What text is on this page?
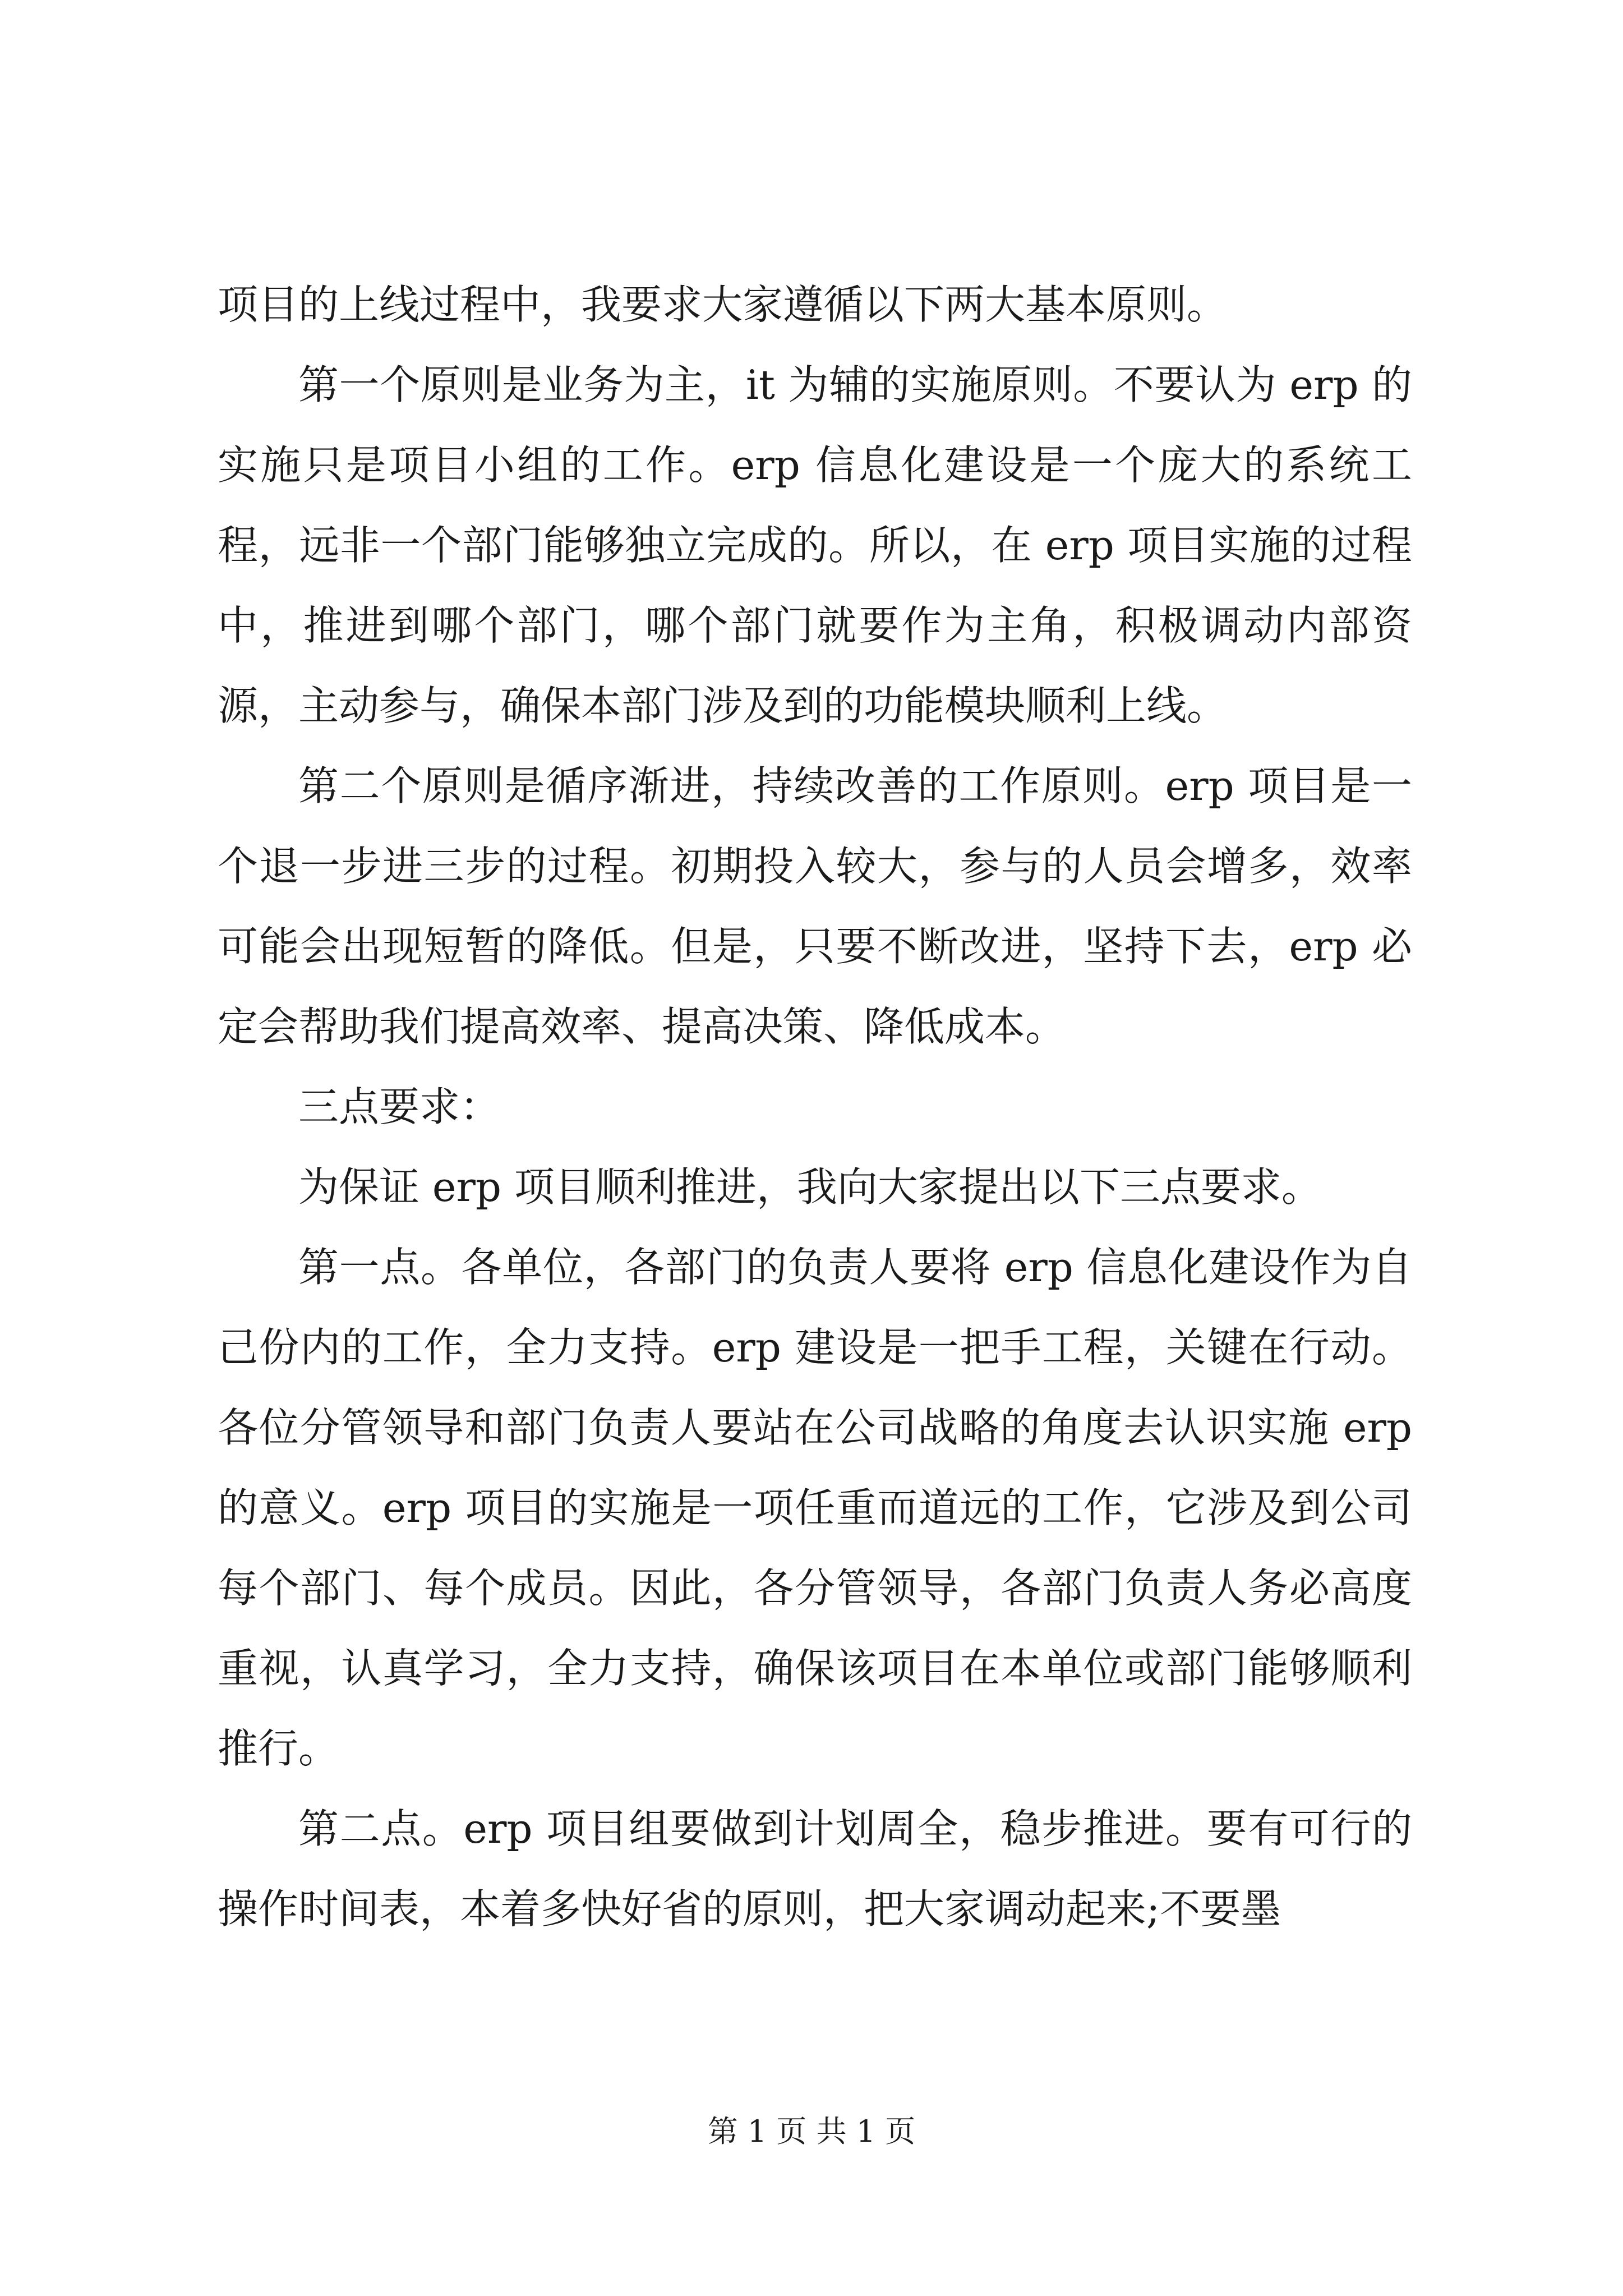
项目的上线过程中，我要求大家遵循以下两大基本原则。

第一个原则是业务为主，it 为辅的实施原则。不要认为 erp 的实施只是项目小组的工作。erp 信息化建设是一个庞大的系统工程，远非一个部门能够独立完成的。所以，在 erp 项目实施的过程中，推进到哪个部门，哪个部门就要作为主角，积极调动内部资源，主动参与，确保本部门涉及到的功能模块顺利上线。

第二个原则是循序渐进，持续改善的工作原则。erp 项目是一个退一步进三步的过程。初期投入较大，参与的人员会增多，效率可能会出现短暂的降低。但是，只要不断改进，坚持下去，erp 必定会帮助我们提高效率、提高决策、降低成本。

三点要求：

为保证 erp 项目顺利推进，我向大家提出以下三点要求。

第一点。各单位，各部门的负责人要将 erp 信息化建设作为自己份内的工作，全力支持。erp 建设是一把手工程，关键在行动。各位分管领导和部门负责人要站在公司战略的角度去认识实施 erp 的意义。erp 项目的实施是一项任重而道远的工作，它涉及到公司每个部门、每个成员。因此，各分管领导，各部门负责人务必高度重视，认真学习，全力支持，确保该项目在本单位或部门能够顺利推行。

第二点。erp 项目组要做到计划周全，稳步推进。要有可行的操作时间表，本着多快好省的原则，把大家调动起来;不要墨

第 1 页 共 1 页
